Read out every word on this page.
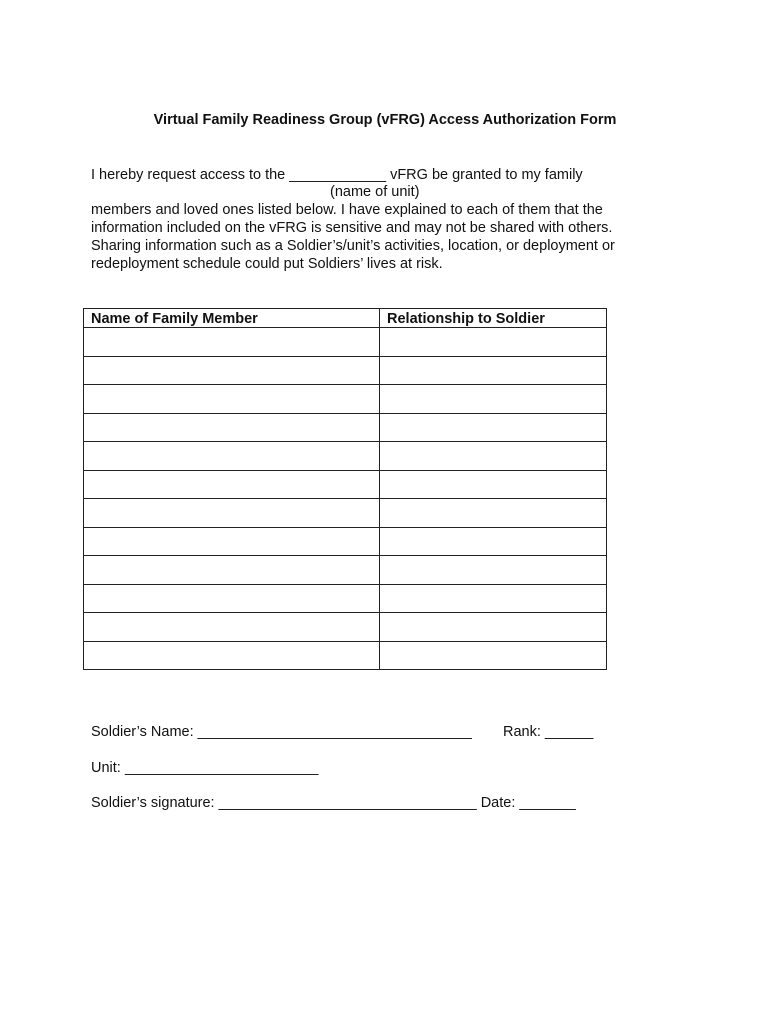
Virtual Family Readiness Group (vFRG) Access Authorization Form
I hereby request access to the ____________ vFRG be granted to my family
(name of unit)
members and loved ones listed below. I have explained to each of them that the
information included on the vFRG is sensitive and may not be shared with others.
Sharing information such as a Soldier’s/unit’s activities, location, or deployment or
redeployment schedule could put Soldiers’ lives at risk.
Name of Family Member	Relationship to Soldier

Soldier’s Name: __________________________________ Rank: ______
Unit: ________________________
Soldier’s signature: ________________________________ Date: _______
